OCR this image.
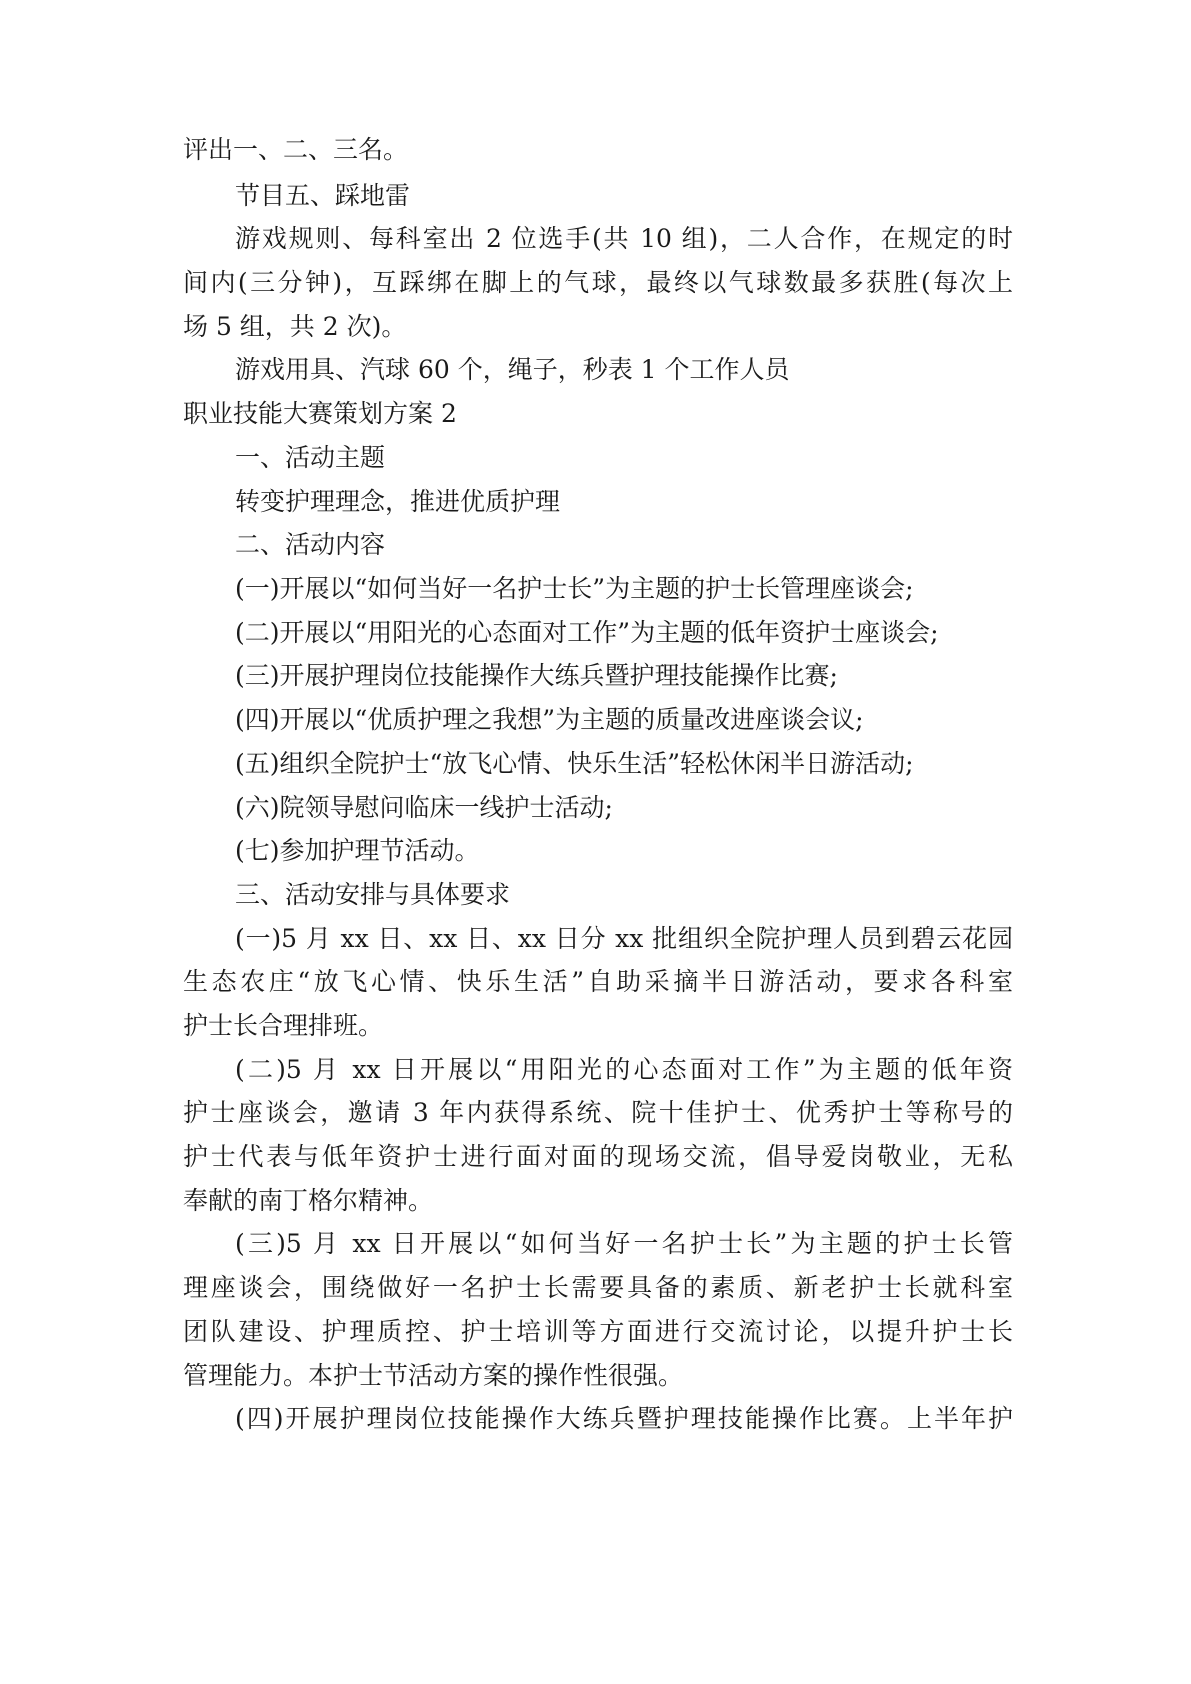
评出一、二、三名。
节目五、踩地雷
游戏规则、每科室出 2 位选手(共 10 组)，二人合作，在规定的时
间内(三分钟)，互踩绑在脚上的气球，最终以气球数最多获胜(每次上
场 5 组，共 2 次)。
游戏用具、汽球 60 个，绳子，秒表 1 个工作人员
职业技能大赛策划方案 2
一、活动主题
转变护理理念，推进优质护理
二、活动内容
(一)开展以“如何当好一名护士长”为主题的护士长管理座谈会;
(二)开展以“用阳光的心态面对工作”为主题的低年资护士座谈会;
(三)开展护理岗位技能操作大练兵暨护理技能操作比赛;
(四)开展以“优质护理之我想”为主题的质量改进座谈会议;
(五)组织全院护士“放飞心情、快乐生活”轻松休闲半日游活动;
(六)院领导慰问临床一线护士活动;
(七)参加护理节活动。
三、活动安排与具体要求
(一)5 月 xx 日、xx 日、xx 日分 xx 批组织全院护理人员到碧云花园
生态农庄“放飞心情、快乐生活”自助采摘半日游活动，要求各科室
护士长合理排班。
(二)5 月 xx 日开展以“用阳光的心态面对工作”为主题的低年资
护士座谈会，邀请 3 年内获得系统、院十佳护士、优秀护士等称号的
护士代表与低年资护士进行面对面的现场交流，倡导爱岗敬业，无私
奉献的南丁格尔精神。
(三)5 月 xx 日开展以“如何当好一名护士长”为主题的护士长管
理座谈会，围绕做好一名护士长需要具备的素质、新老护士长就科室
团队建设、护理质控、护士培训等方面进行交流讨论，以提升护士长
管理能力。本护士节活动方案的操作性很强。
(四)开展护理岗位技能操作大练兵暨护理技能操作比赛。上半年护
